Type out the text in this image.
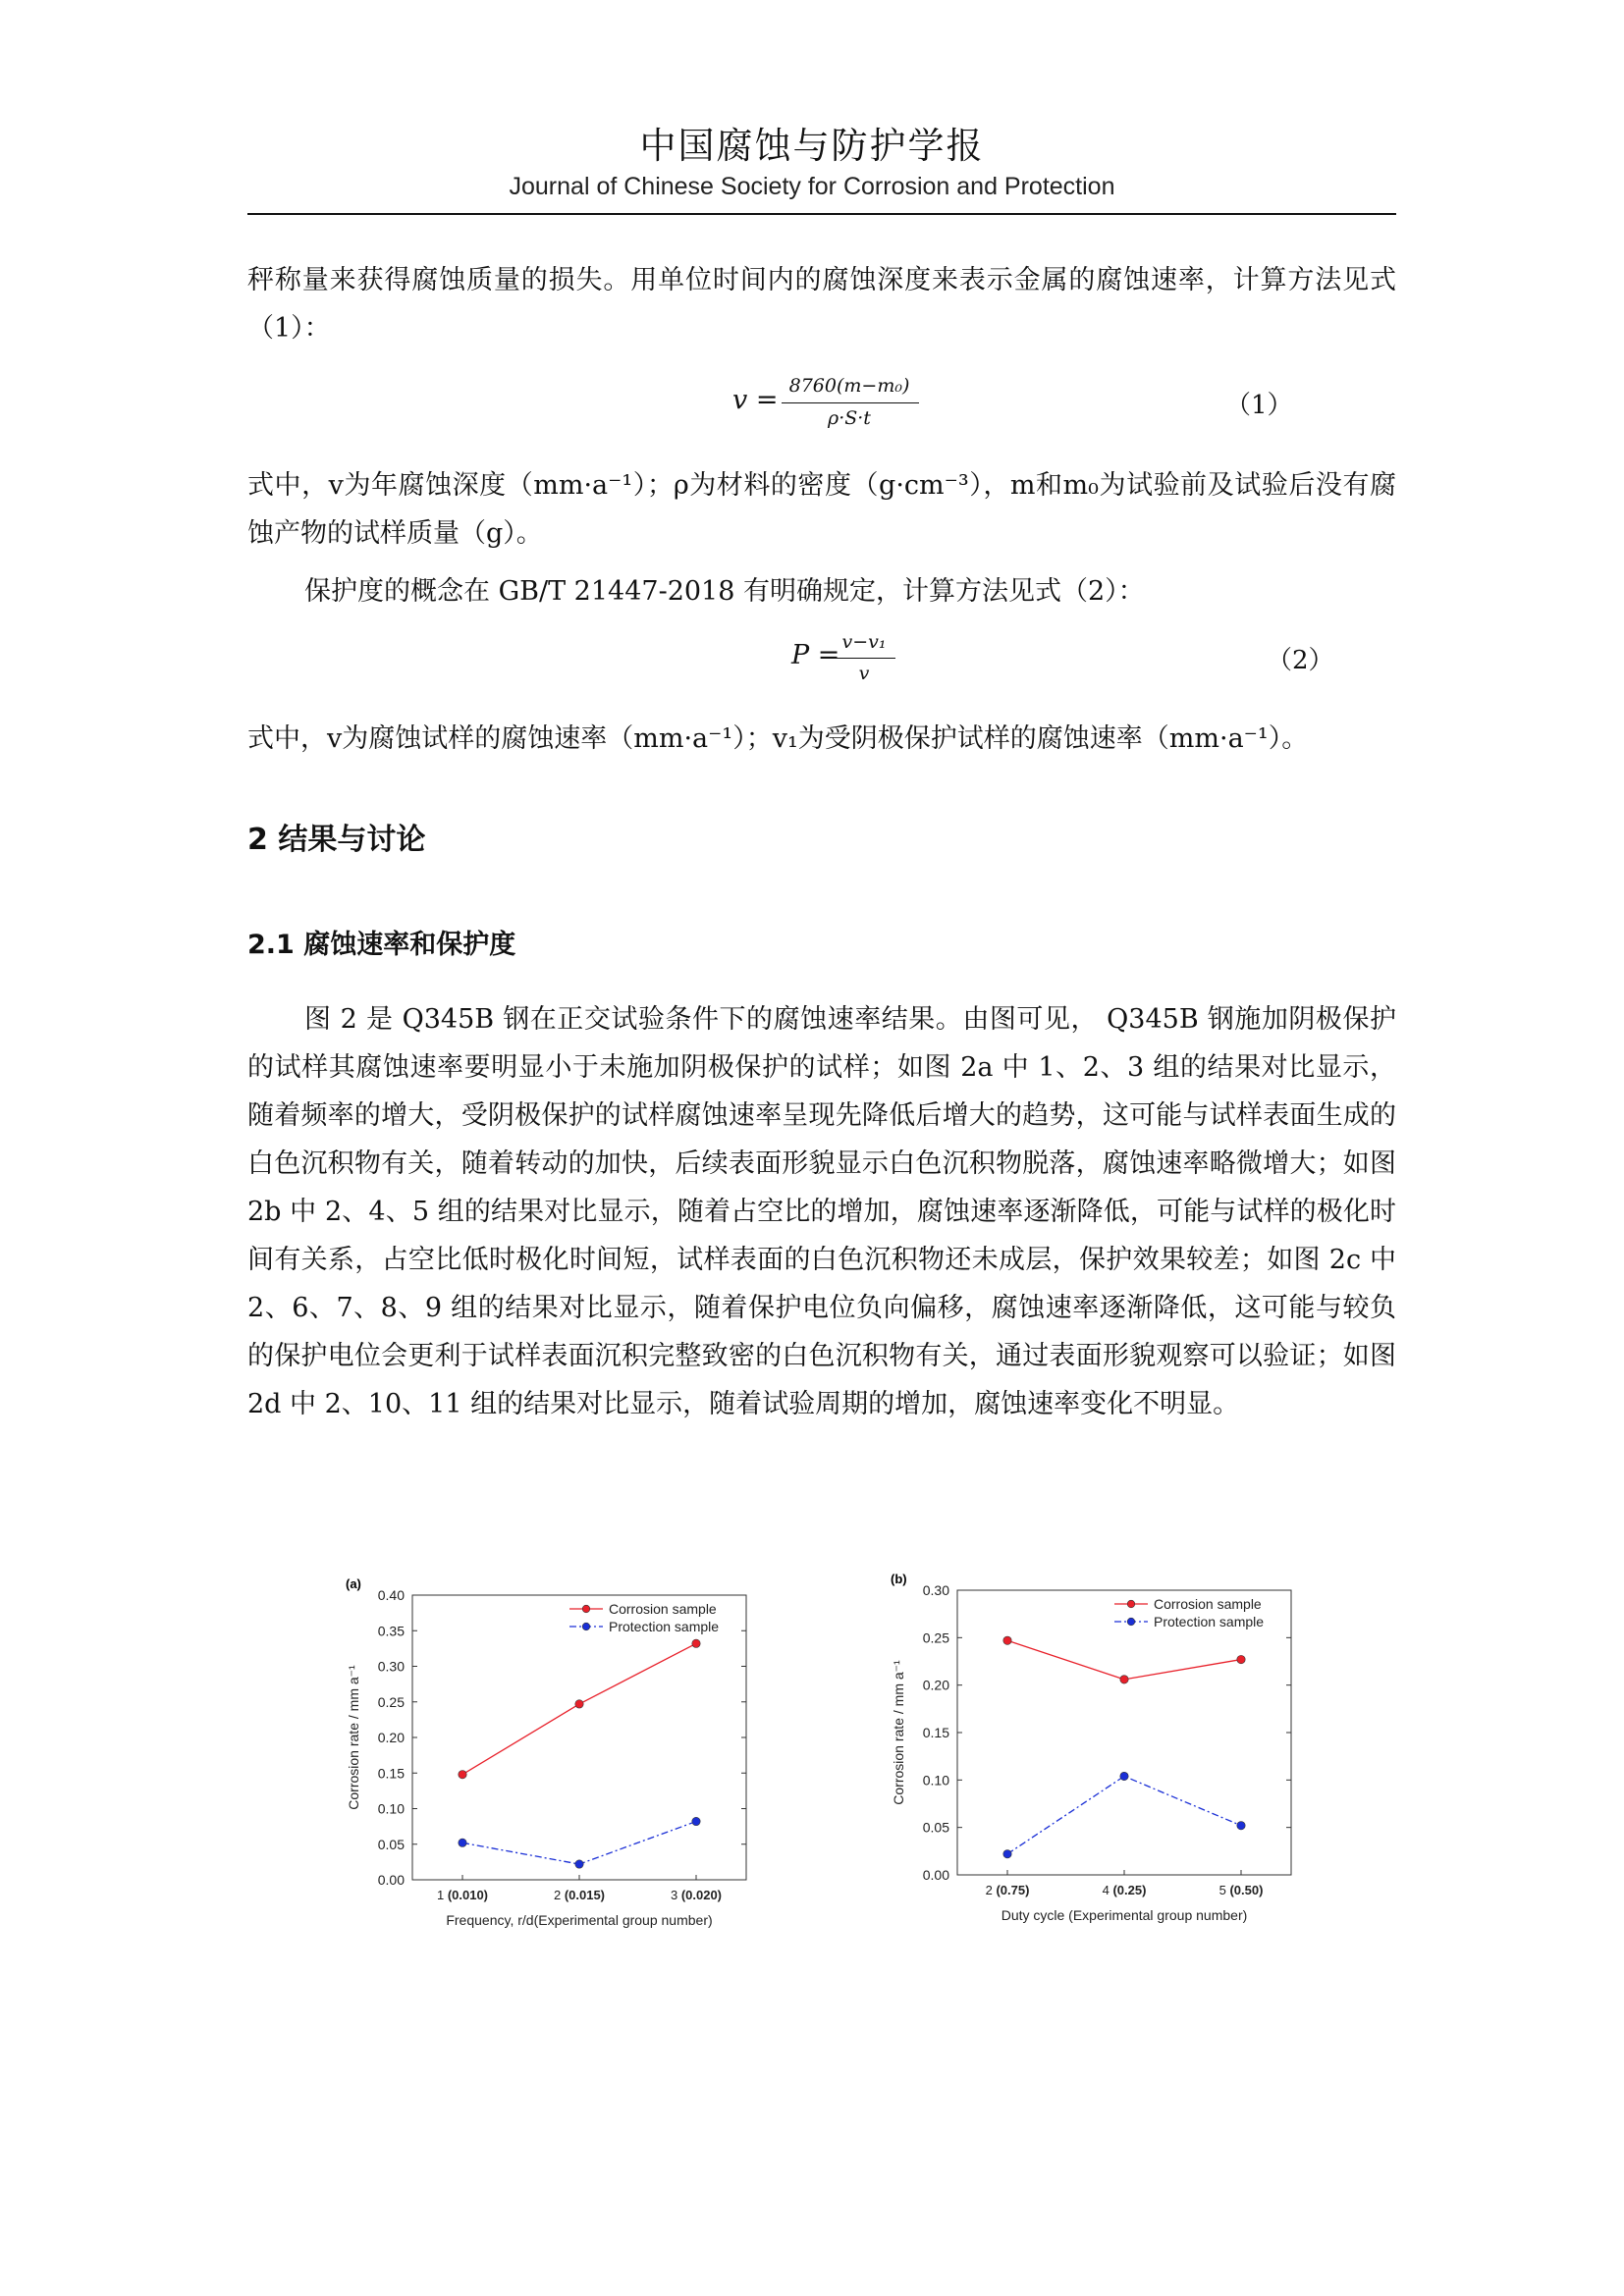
中国腐蚀与防护学报
Journal of Chinese Society for Corrosion and Protection

秤称量来获得腐蚀质量的损失。用单位时间内的腐蚀深度来表示金属的腐蚀速率，计算方法见式（1）：

v = 8760(m−m₀)
ρ·S·t	（1）

式中，v为年腐蚀深度（mm·a⁻¹）；ρ为材料的密度（g·cm⁻³），m和m₀为试验前及试验后没有腐蚀产物的试样质量（g）。

保护度的概念在 GB/T 21447-2018 有明确规定，计算方法见式（2）：

P = v−v₁
v	（2）

式中，v为腐蚀试样的腐蚀速率（mm·a⁻¹）；v₁为受阴极保护试样的腐蚀速率（mm·a⁻¹）。

2 结果与讨论
2.1 腐蚀速率和保护度

图 2 是 Q345B 钢在正交试验条件下的腐蚀速率结果。由图可见， Q345B 钢施加阴极保护的试样其腐蚀速率要明显小于未施加阴极保护的试样；如图 2a 中 1、2、3 组的结果对比显示，随着频率的增大，受阴极保护的试样腐蚀速率呈现先降低后增大的趋势，这可能与试样表面生成的白色沉积物有关，随着转动的加快，后续表面形貌显示白色沉积物脱落，腐蚀速率略微增大；如图 2b 中 2、4、5 组的结果对比显示，随着占空比的增加，腐蚀速率逐渐降低，可能与试样的极化时间有关系，占空比低时极化时间短，试样表面的白色沉积物还未成层，保护效果较差；如图 2c 中 2、6、7、8、9 组的结果对比显示，随着保护电位负向偏移，腐蚀速率逐渐降低，这可能与较负的保护电位会更利于试样表面沉积完整致密的白色沉积物有关，通过表面形貌观察可以验证；如图 2d 中 2、10、11 组的结果对比显示，随着试验周期的增加，腐蚀速率变化不明显。

(a)
0.00
0.05
0.10
0.15
0.20
0.25
0.30
0.35
0.40
1 (0.010)	2 (0.015)	3 (0.020)
Frequency, r/d(Experimental group number)
Corrosion rate / mm a⁻¹
Corrosion sample
Protection sample
(b)
0.00
0.05
0.10
0.15
0.20
0.25
0.30
2 (0.75)	4 (0.25)	5 (0.50)
Duty cycle (Experimental group number)
Corrosion rate / mm a⁻¹
Corrosion sample
Protection sample
